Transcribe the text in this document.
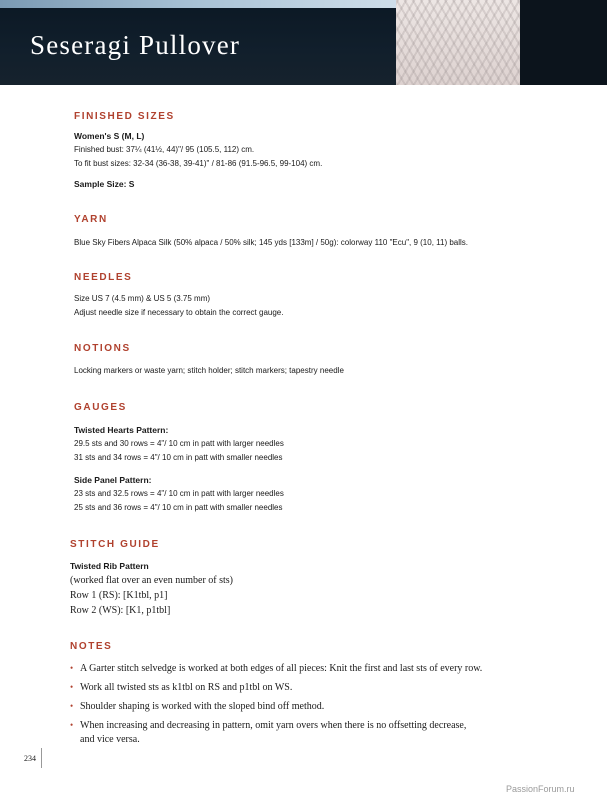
Seseragi Pullover
FINISHED SIZES
Women's S (M, L)
Finished bust: 37¼ (41½, 44)"/ 95 (105.5, 112) cm.
To fit bust sizes: 32-34 (36-38, 39-41)" / 81-86 (91.5-96.5, 99-104) cm.
Sample Size: S
YARN
Blue Sky Fibers Alpaca Silk (50% alpaca / 50% silk; 145 yds [133m] / 50g): colorway 110 "Ecu", 9 (10, 11) balls.
NEEDLES
Size US 7 (4.5 mm) & US 5 (3.75 mm)
Adjust needle size if necessary to obtain the correct gauge.
NOTIONS
Locking markers or waste yarn; stitch holder; stitch markers; tapestry needle
GAUGES
Twisted Hearts Pattern:
29.5 sts and 30 rows = 4"/ 10 cm in patt with larger needles
31 sts and 34 rows = 4"/ 10 cm in patt with smaller needles
Side Panel Pattern:
23 sts and 32.5 rows = 4"/ 10 cm in patt with larger needles
25 sts and 36 rows = 4"/ 10 cm in patt with smaller needles
STITCH GUIDE
Twisted Rib Pattern
(worked flat over an even number of sts)
Row 1 (RS): [K1tbl, p1]
Row 2 (WS): [K1, p1tbl]
NOTES
• A Garter stitch selvedge is worked at both edges of all pieces: Knit the first and last sts of every row.
• Work all twisted sts as k1tbl on RS and p1tbl on WS.
• Shoulder shaping is worked with the sloped bind off method.
• When increasing and decreasing in pattern, omit yarn overs when there is no offsetting decrease,
and vice versa.
234
PassionForum.ru
